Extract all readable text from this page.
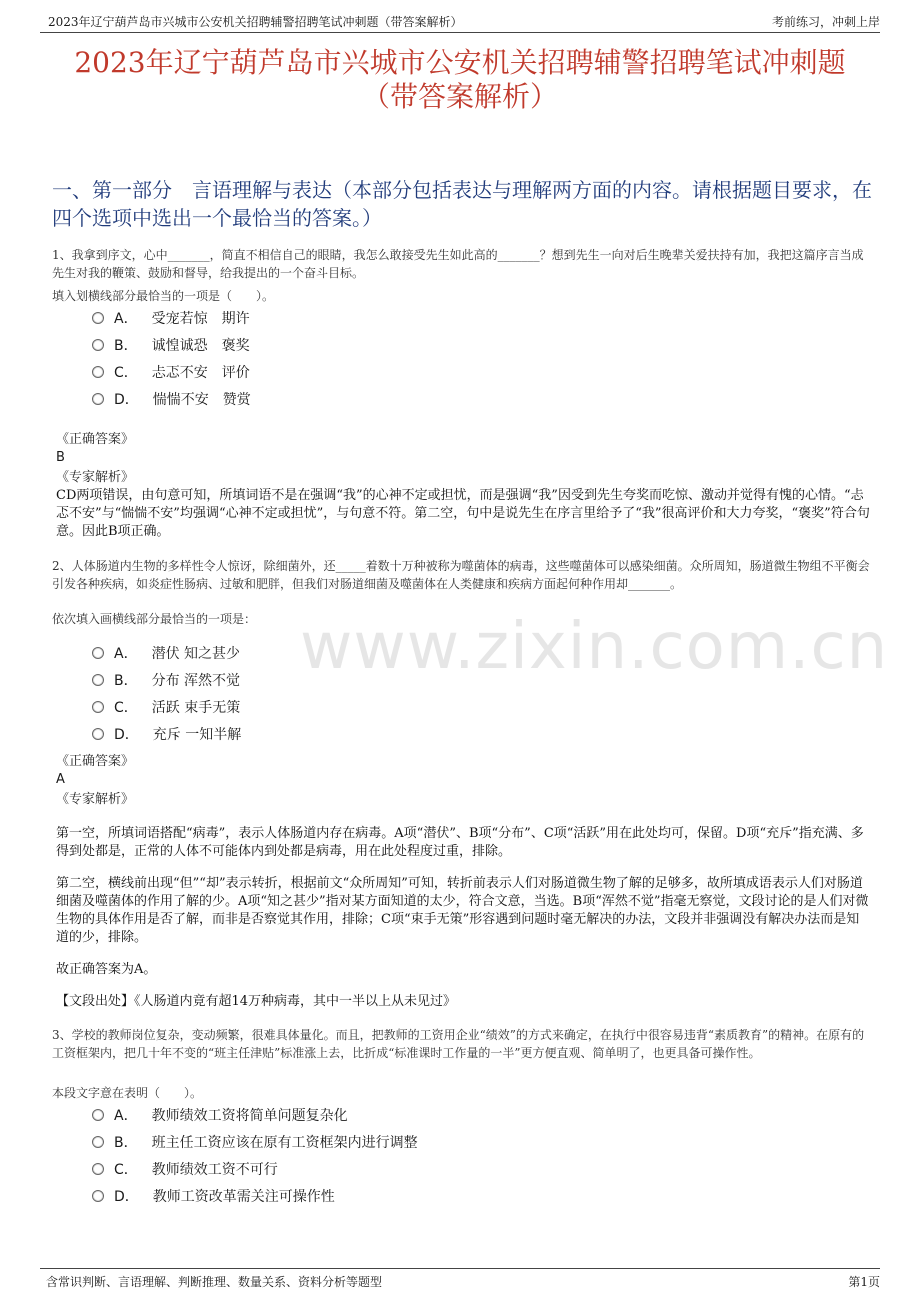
2023年辽宁葫芦岛市兴城市公安机关招聘辅警招聘笔试冲刺题（带答案解析）	考前练习，冲刺上岸
2023年辽宁葫芦岛市兴城市公安机关招聘辅警招聘笔试冲刺题
（带答案解析）
一、第一部分　言语理解与表达（本部分包括表达与理解两方面的内容。请根据题目要求，在四个选项中选出一个最恰当的答案。）
www.zixin.com.cn
1、我拿到序文，心中_______，简直不相信自己的眼睛，我怎么敢接受先生如此高的_______？想到先生一向对后生晚辈关爱扶持有加，我把这篇序言当成先生对我的鞭策、鼓励和督导，给我提出的一个奋斗目标。
填入划横线部分最恰当的一项是（　　）。
A． 受宠若惊　期许
B． 诚惶诚恐　褒奖
C． 忐忑不安　评价
D． 惴惴不安　赞赏
《正确答案》
B
《专家解析》
CD两项错误，由句意可知，所填词语不是在强调“我”的心神不定或担忧，而是强调“我”因受到先生夸奖而吃惊、激动并觉得有愧的心情。“忐忑不安”与“惴惴不安”均强调“心神不定或担忧”，与句意不符。第二空，句中是说先生在序言里给予了“我”很高评价和大力夸奖，“褒奖”符合句意。因此B项正确。
2、人体肠道内生物的多样性令人惊讶，除细菌外，还_____着数十万种被称为噬菌体的病毒，这些噬菌体可以感染细菌。众所周知，肠道微生物组不平衡会引发各种疾病，如炎症性肠病、过敏和肥胖，但我们对肠道细菌及噬菌体在人类健康和疾病方面起何种作用却_______。
依次填入画横线部分最恰当的一项是：
A． 潜伏 知之甚少
B． 分布 浑然不觉
C． 活跃 束手无策
D． 充斥 一知半解
《正确答案》
A
《专家解析》
第一空，所填词语搭配“病毒”，表示人体肠道内存在病毒。A项“潜伏”、B项“分布”、C项“活跃”用在此处均可，保留。D项“充斥”指充满、多得到处都是，正常的人体不可能体内到处都是病毒，用在此处程度过重，排除。
第二空，横线前出现“但”“却”表示转折，根据前文“众所周知”可知，转折前表示人们对肠道微生物了解的足够多，故所填成语表示人们对肠道细菌及噬菌体的作用了解的少。A项“知之甚少”指对某方面知道的太少，符合文意，当选。B项“浑然不觉”指毫无察觉，文段讨论的是人们对微生物的具体作用是否了解，而非是否察觉其作用，排除；C项“束手无策”形容遇到问题时毫无解决的办法，文段并非强调没有解决办法而是知道的少，排除。
故正确答案为A。
【文段出处】《人肠道内竟有超14万种病毒，其中一半以上从未见过》
3、学校的教师岗位复杂，变动频繁，很难具体量化。而且，把教师的工资用企业“绩效”的方式来确定，在执行中很容易违背“素质教育”的精神。在原有的工资框架内，把几十年不变的“班主任津贴”标准涨上去，比折成“标准课时工作量的一半”更方便直观、简单明了，也更具备可操作性。
本段文字意在表明（　　）。
A． 教师绩效工资将简单问题复杂化
B． 班主任工资应该在原有工资框架内进行调整
C． 教师绩效工资不可行
D． 教师工资改革需关注可操作性
含常识判断、言语理解、判断推理、数量关系、资料分析等题型	第1页
